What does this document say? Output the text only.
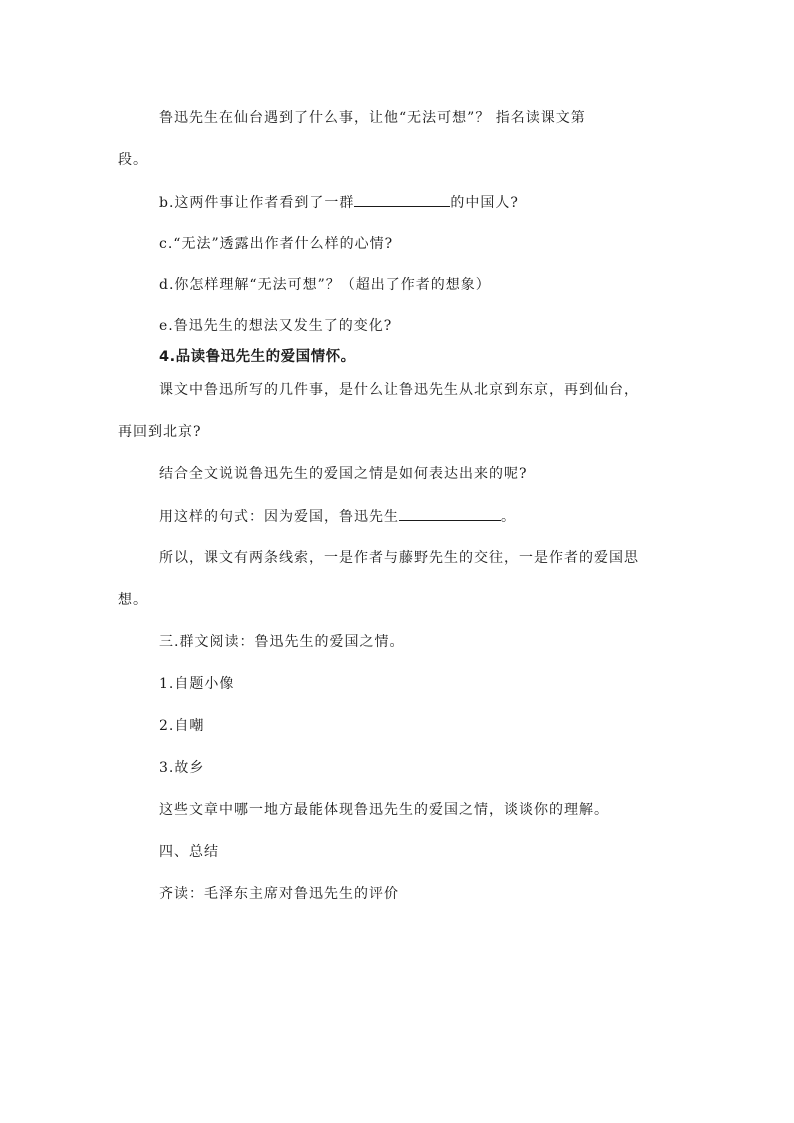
鲁迅先生在仙台遇到了什么事，让他“无法可想”？ 指名读课文第
段。
b.这两件事让作者看到了一群	的中国人?
c.“无法”透露出作者什么样的心情?
d.你怎样理解“无法可想”？（超出了作者的想象）
e.鲁迅先生的想法又发生了的变化?
4.品读鲁迅先生的爱国情怀。
课文中鲁迅所写的几件事，是什么让鲁迅先生从北京到东京，再到仙台，
再回到北京?
结合全文说说鲁迅先生的爱国之情是如何表达出来的呢?
用这样的句式：因为爱国，鲁迅先生	。
所以，课文有两条线索，一是作者与藤野先生的交往，一是作者的爱国思
想。
三.群文阅读：鲁迅先生的爱国之情。
1.自题小像
2.自嘲
3.故乡
这些文章中哪一地方最能体现鲁迅先生的爱国之情，谈谈你的理解。
四、总结
齐读：毛泽东主席对鲁迅先生的评价
